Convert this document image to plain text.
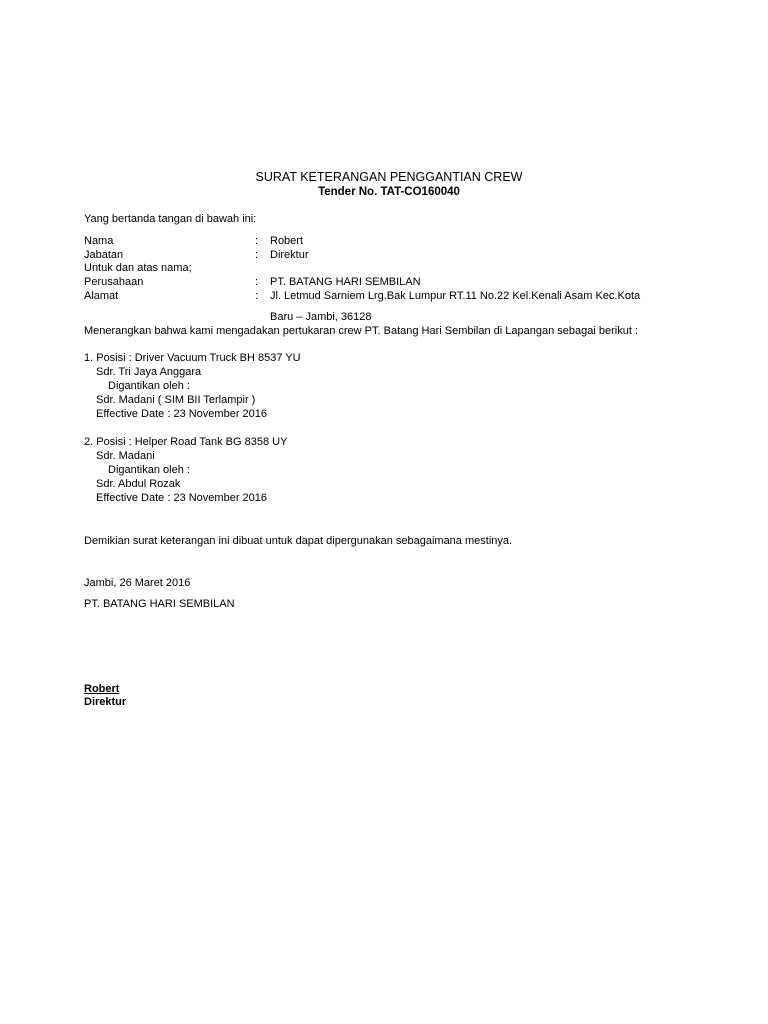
SURAT KETERANGAN PENGGANTIAN CREW
Tender No. TAT-CO160040
Yang bertanda tangan di bawah ini:
Nama	: Robert
Jabatan	: Direktur
Untuk dan atas nama;
Perusahaan	: PT. BATANG HARI SEMBILAN
Alamat	: Jl. Letmud Sarniem Lrg.Bak Lumpur RT.11 No.22 Kel.Kenali Asam Kec.Kota
Baru – Jambi, 36128
Menerangkan bahwa kami mengadakan pertukaran crew PT. Batang Hari Sembilan di Lapangan sebagai berikut :
1. Posisi : Driver Vacuum Truck BH 8537 YU
Sdr. Tri Jaya Anggara
Digantikan oleh :
Sdr. Madani ( SIM BII Terlampir )
Effective Date : 23 November 2016
2. Posisi : Helper Road Tank BG 8358 UY
Sdr. Madani
Digantikan oleh :
Sdr. Abdul Rozak
Effective Date : 23 November 2016
Demikian surat keterangan ini dibuat untuk dapat dipergunakan sebagaimana mestinya.
Jambi, 26 Maret 2016
PT. BATANG HARI SEMBILAN
Robert
Direktur
